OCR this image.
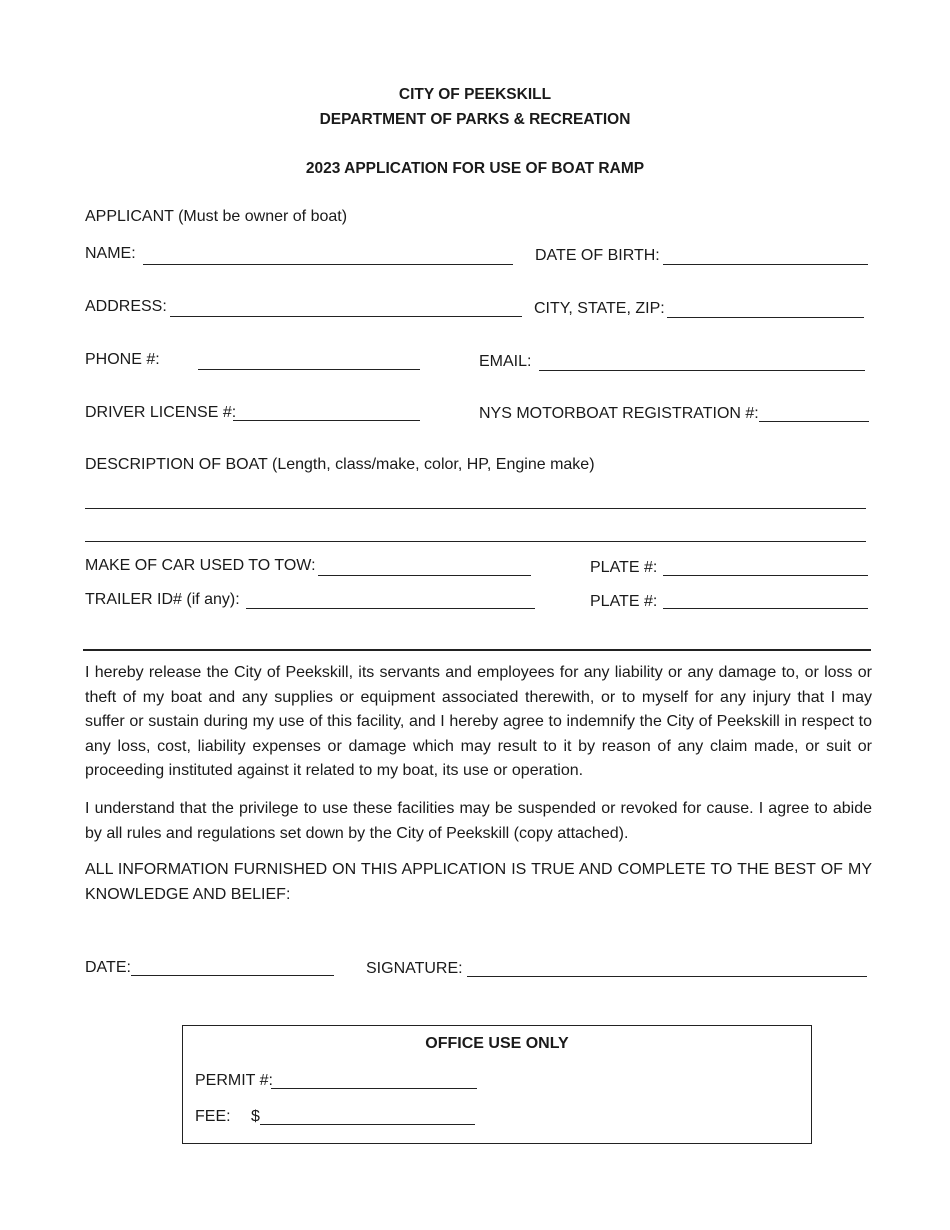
CITY OF PEEKSKILL
DEPARTMENT OF PARKS & RECREATION
2023 APPLICATION FOR USE OF BOAT RAMP
APPLICANT (Must be owner of boat)
NAME:	DATE OF BIRTH:
ADDRESS:	CITY, STATE, ZIP:
PHONE #:	EMAIL:
DRIVER LICENSE #:	NYS MOTORBOAT REGISTRATION #:
DESCRIPTION OF BOAT (Length, class/make, color, HP, Engine make)
MAKE OF CAR USED TO TOW:	PLATE #:
TRAILER ID# (if any):	PLATE #:
I hereby release the City of Peekskill, its servants and employees for any liability or any damage to, or loss or theft of my boat and any supplies or equipment associated therewith, or to myself for any injury that I may suffer or sustain during my use of this facility, and I hereby agree to indemnify the City of Peekskill in respect to any loss, cost, liability expenses or damage which may result to it by reason of any claim made, or suit or proceeding instituted against it related to my boat, its use or operation.
I understand that the privilege to use these facilities may be suspended or revoked for cause. I agree to abide by all rules and regulations set down by the City of Peekskill (copy attached).
ALL INFORMATION FURNISHED ON THIS APPLICATION IS TRUE AND COMPLETE TO THE BEST OF MY KNOWLEDGE AND BELIEF:
DATE:	SIGNATURE:
OFFICE USE ONLY
PERMIT #:
FEE: $
